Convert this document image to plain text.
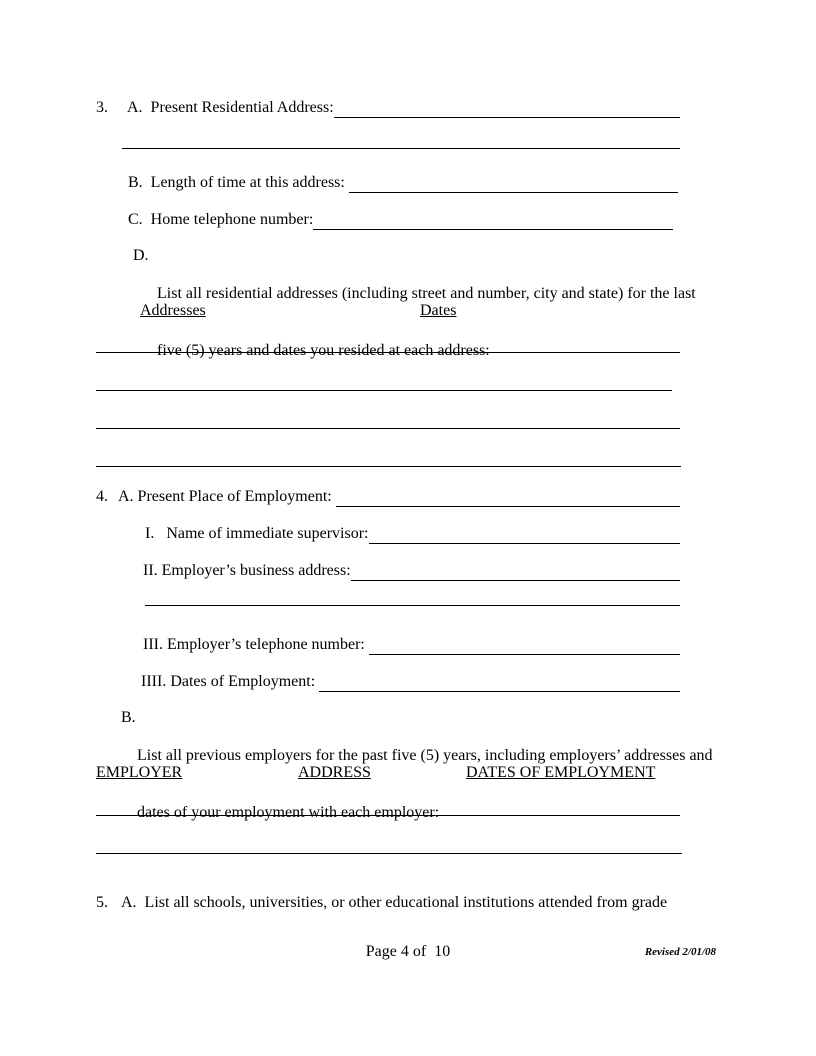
3.	A.  Present Residential Address:
B.  Length of time at this address:
C.  Home telephone number:
D.

List all residential addresses (including street and number, city and state) for the last

five (5) years and dates you resided at each address:

Addresses	Dates
4. A. Present Place of Employment:
I.   Name of immediate supervisor:
II. Employer’s business address:
III. Employer’s telephone number:
IIII. Dates of Employment:
B.

List all previous employers for the past five (5) years, including employers’ addresses and

dates of your employment with each employer:

EMPLOYER	ADDRESS	DATES OF EMPLOYMENT
5. A.  List all schools, universities, or other educational institutions attended from grade
Page 4 of  10	Revised 2/01/08
